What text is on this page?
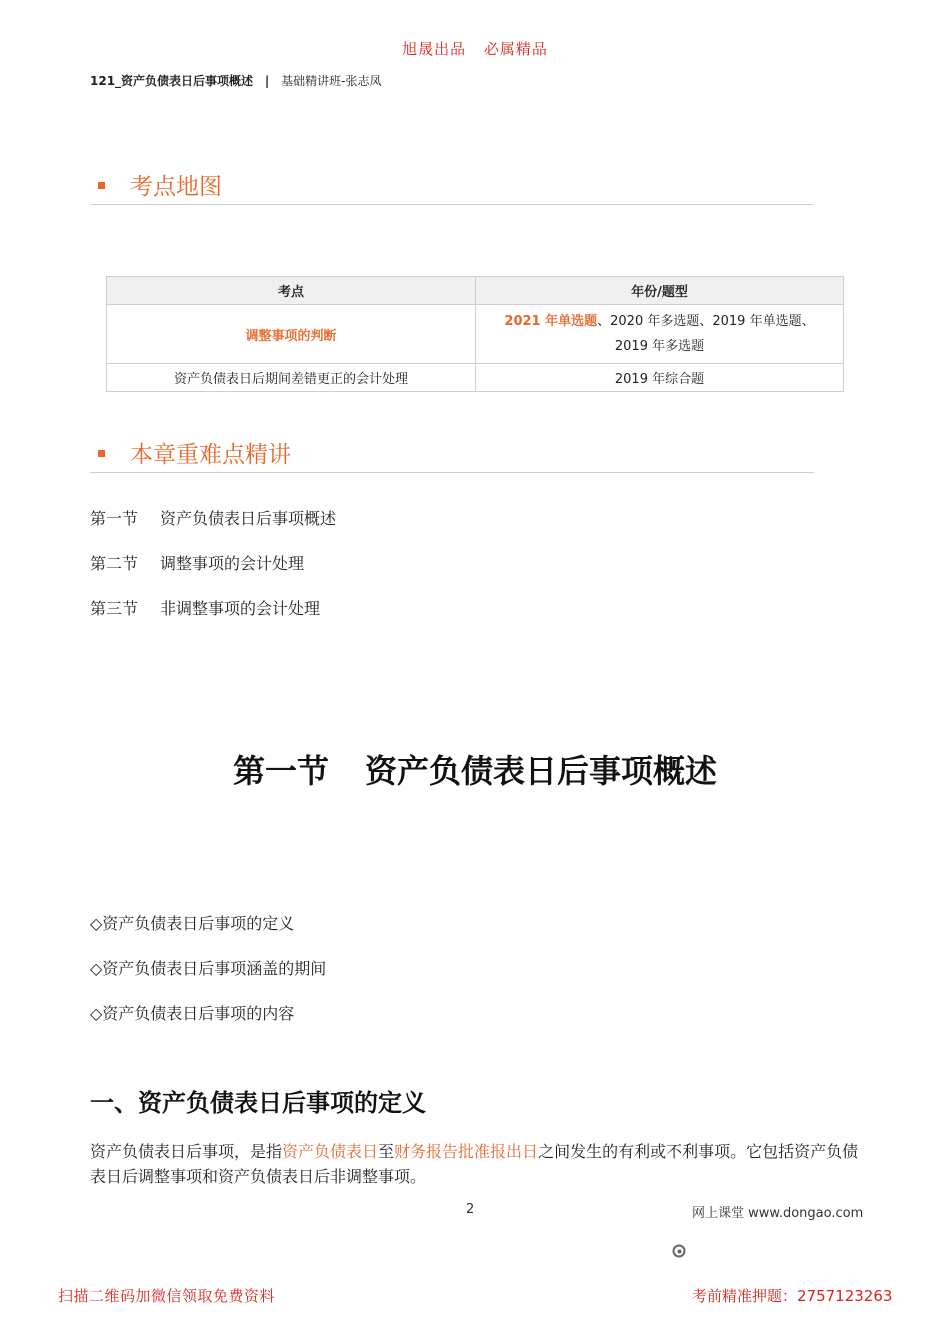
旭晟出品 必属精品
121_资产负债表日后事项概述 | 基础精讲班-张志凤
考点地图
考点	年份/题型
调整事项的判断	2021 年单选题、2020 年多选题、2019 年单选题、
2019 年多选题
资产负债表日后期间差错更正的会计处理	2019 年综合题
本章重难点精讲
第一节 资产负债表日后事项概述
第二节 调整事项的会计处理
第三节 非调整事项的会计处理
第一节 资产负债表日后事项概述
◇资产负债表日后事项的定义
◇资产负债表日后事项涵盖的期间
◇资产负债表日后事项的内容
一、资产负债表日后事项的定义
资产负债表日后事项，是指资产负债表日至财务报告批准报出日之间发生的有利或不利事项。它包括资产负债表日后调整事项和资产负债表日后非调整事项。
2	网上课堂 www.dongao.com
扫描二维码加微信领取免费资料	考前精准押题：2757123263
